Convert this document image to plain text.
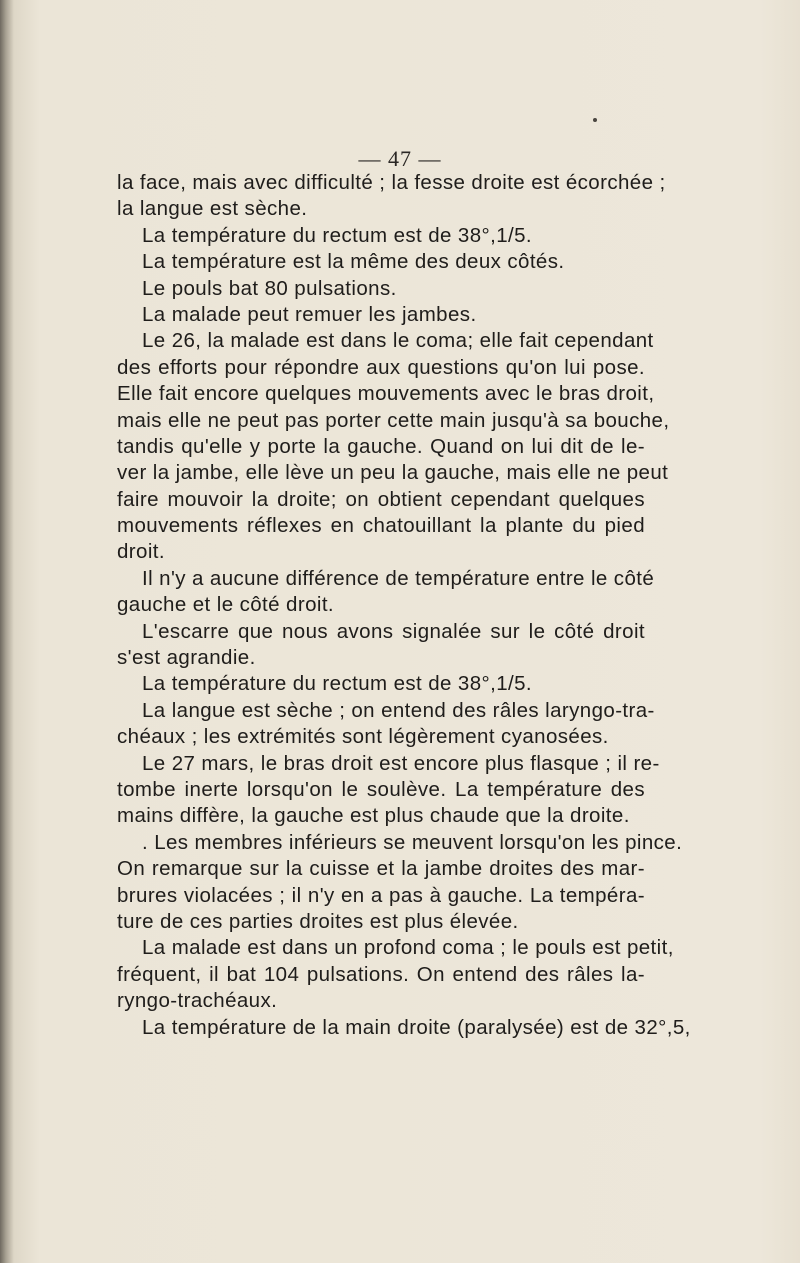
— 47 —
la face, mais avec difficulté ; la fesse droite est écorchée ;
la langue est sèche.
La température du rectum est de 38°,1/5.
La température est la même des deux côtés.
Le pouls bat 80 pulsations.
La malade peut remuer les jambes.
Le 26, la malade est dans le coma; elle fait cependant
des efforts pour répondre aux questions qu'on lui pose.
Elle fait encore quelques mouvements avec le bras droit,
mais elle ne peut pas porter cette main jusqu'à sa bouche,
tandis qu'elle y porte la gauche. Quand on lui dit de le-
ver la jambe, elle lève un peu la gauche, mais elle ne peut
faire mouvoir la droite; on obtient cependant quelques
mouvements réflexes en chatouillant la plante du pied
droit.
Il n'y a aucune différence de température entre le côté
gauche et le côté droit.
L'escarre que nous avons signalée sur le côté droit
s'est agrandie.
La température du rectum est de 38°,1/5.
La langue est sèche ; on entend des râles laryngo-tra-
chéaux ; les extrémités sont légèrement cyanosées.
Le 27 mars, le bras droit est encore plus flasque ; il re-
tombe inerte lorsqu'on le soulève. La température des
mains diffère, la gauche est plus chaude que la droite.
. Les membres inférieurs se meuvent lorsqu'on les pince.
On remarque sur la cuisse et la jambe droites des mar-
brures violacées ; il n'y en a pas à gauche. La tempéra-
ture de ces parties droites est plus élevée.
La malade est dans un profond coma ; le pouls est petit,
fréquent, il bat 104 pulsations. On entend des râles la-
ryngo-trachéaux.
La température de la main droite (paralysée) est de 32°,5,
